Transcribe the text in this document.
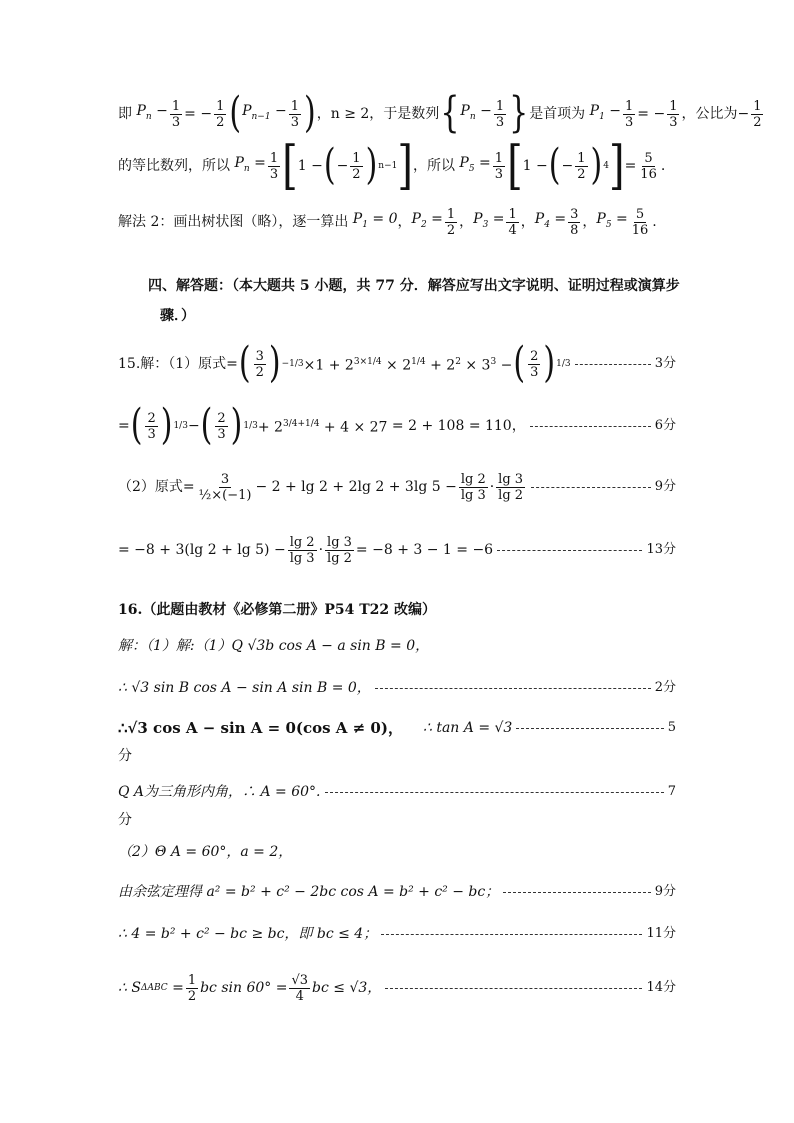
即 $P_n - \frac{1}{3}$ = − $\frac{1}{2}$ ( $P_{n-1} - \frac{1}{3}$ ) ，n ≥ 2，于是数列 { $P_n - \frac{1}{3}$ } 是首项为 $P_1 - \frac{1}{3}$ = − $\frac{1}{3}$ ，公比为 − $\frac{1}{2}$
的等比数列，所以 $P_n = \frac{1}{3}$ [ 1 − ( − $\frac{1}{2}$ ) n−1 ] ，所以 $P_5 = \frac{1}{3}$ [ 1 − ( − $\frac{1}{2}$ ) 4 ] = $\frac{5}{16}$ .
解法 2：画出树状图（略），逐一算出 $P_1 = 0$ ， $P_2 = \frac{1}{2}$ ， $P_3 = \frac{1}{4}$ ， $P_4 = \frac{3}{8}$ ， $P_5 = \frac{5}{16}$ .
四、解答题：（本大题共 5 小题，共 77 分．解答应写出文字说明、证明过程或演算步
骤．）
15.解：（1）原式= ( $\frac{3}{2}$ ) $-1/3 \times 1 + 2^{3\times 1/4} \times 2^{1/4} + 2^2 \times 3^3$ − ( $\frac{2}{3}$ ) 1/3	3分
= ( $\frac{2}{3}$ ) 1/3 − ( $\frac{2}{3}$ ) $1/3 + 2^{3/4+1/4} + 4 \times 27 = 2 + 108 = 110$，	6分
（2）原式= $\frac{3}{\text{½×(−1)}} - 2 + \lg 2 + 2\lg$ 2 + 3lg $5 - \frac{\lg 2}{\lg 3} \cdot \frac{\lg 3}{\lg 2}$	9分
= −8 + 3(lg $2 + \lg 5) - \frac{\lg 2}{\lg 3} \cdot \frac{\lg 3}{\lg 2} = -8 + 3 - 1 = -6$	13分
16.（此题由教材《必修第二册》P54 T22 改编）
解：（1）解:（1）Q √3b cos A − a sin B = 0，
∴ √3 sin B cos A − sin A sin B = 0，	2分
∴√3 cos A − sin A = 0(cos A ≠ 0)， ∴ tan A = √3	5
分
Q A为三角形内角，∴ A = 60°.	7
分
（2）Θ A = 60°，a = 2，
由余弦定理得 a² = b² + c² − 2bc cos A = b² + c² − bc；	9分
∴ 4 = b² + c² − bc ≥ bc，即 bc ≤ 4；	11分
∴ S $\Delta ABC = \frac{1}{2}$ bc $\sin 60^\circ = \frac{√3}{4}$ bc ≤ √3，	14分
